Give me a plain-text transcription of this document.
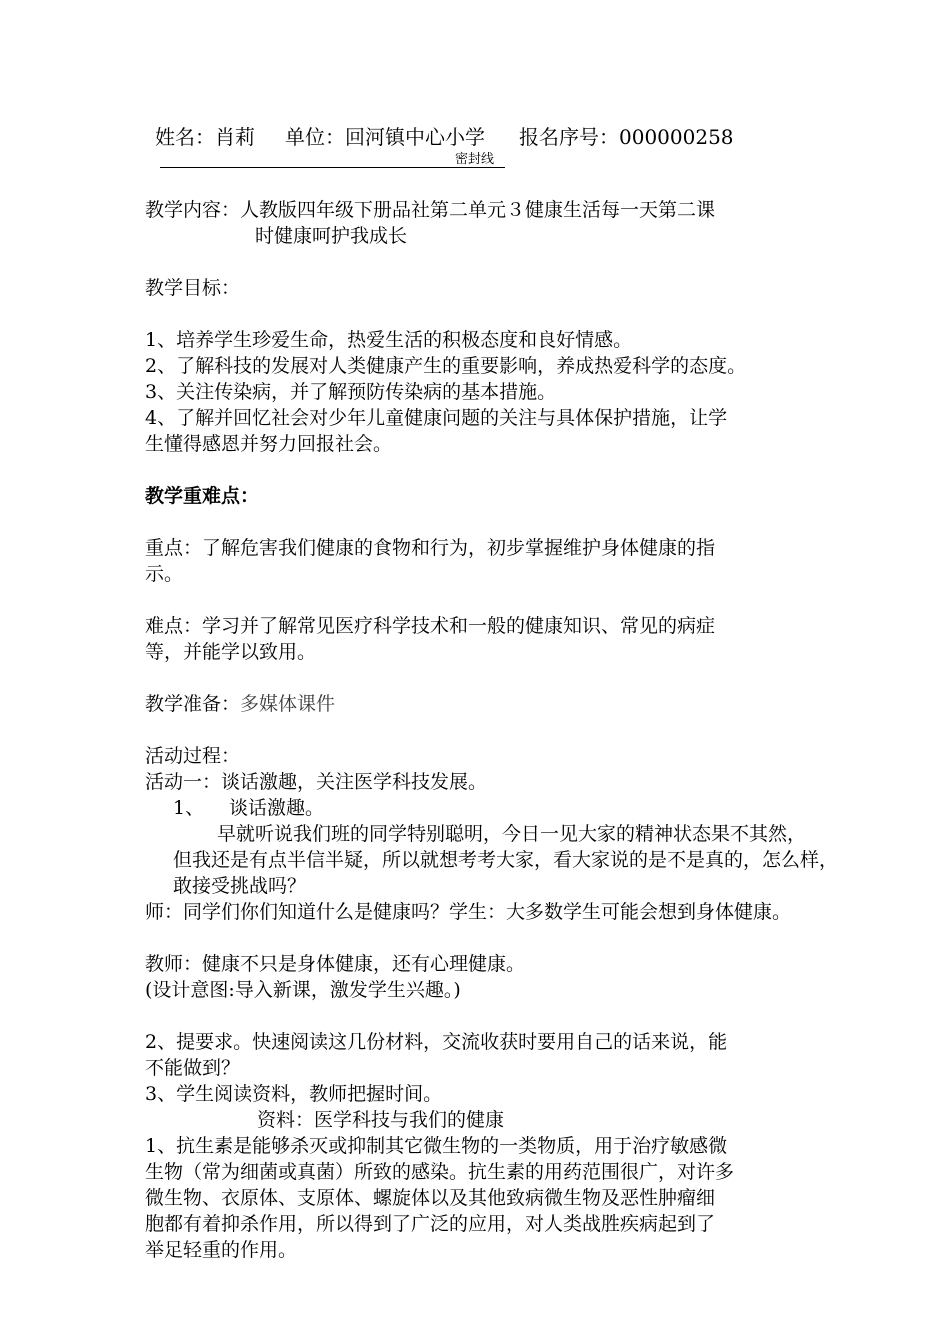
姓名：肖莉 单位：回河镇中心小学 报名序号：000000258
密封线

教学内容：人教版四年级下册品社第二单元３健康生活每一天第二课

时健康呵护我成长

教学目标：

1、培养学生珍爱生命，热爱生活的积极态度和良好情感。

2、了解科技的发展对人类健康产生的重要影响，养成热爱科学的态度。

3、关注传染病，并了解预防传染病的基本措施。

4、了解并回忆社会对少年儿童健康问题的关注与具体保护措施，让学

生懂得感恩并努力回报社会。

教学重难点：

重点：了解危害我们健康的食物和行为，初步掌握维护身体健康的指

示。

难点：学习并了解常见医疗科学技术和一般的健康知识、常见的病症

等，并能学以致用。

教学准备：多媒体课件

活动过程：

活动一：谈话激趣，关注医学科技发展。

1、 谈话激趣。

早就听说我们班的同学特别聪明，今日一见大家的精神状态果不其然，

但我还是有点半信半疑，所以就想考考大家，看大家说的是不是真的，怎么样，

敢接受挑战吗？

师：同学们你们知道什么是健康吗？学生：大多数学生可能会想到身体健康。

教师：健康不只是身体健康，还有心理健康。

(设计意图:导入新课，激发学生兴趣。)

2、提要求。快速阅读这几份材料，交流收获时要用自己的话来说，能

不能做到？

3、学生阅读资料，教师把握时间。

资料：医学科技与我们的健康

1、抗生素是能够杀灭或抑制其它微生物的一类物质，用于治疗敏感微

生物（常为细菌或真菌）所致的感染。抗生素的用药范围很广，对许多

微生物、衣原体、支原体、螺旋体以及其他致病微生物及恶性肿瘤细

胞都有着抑杀作用，所以得到了广泛的应用，对人类战胜疾病起到了

举足轻重的作用。
